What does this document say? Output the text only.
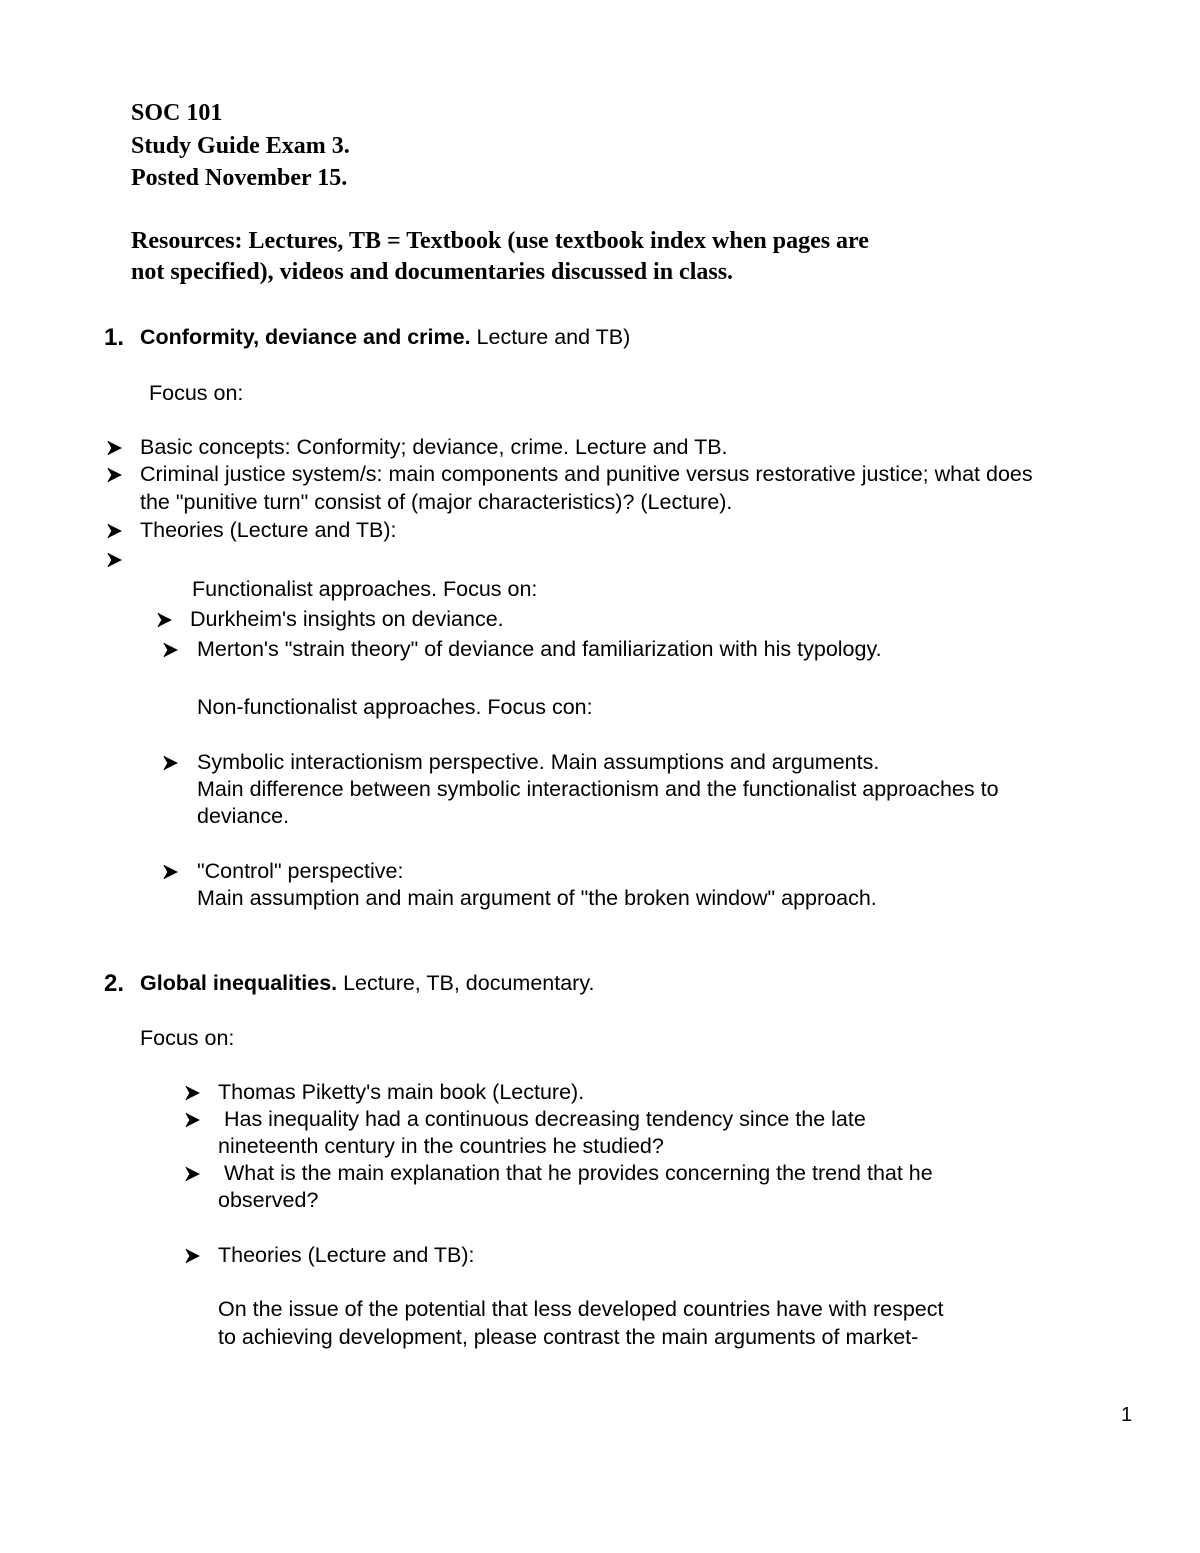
SOC 101
Study Guide Exam 3.
Posted November 15.
Resources: Lectures, TB = Textbook (use textbook index when pages are
not specified), videos and documentaries discussed in class.
1. Conformity, deviance and crime. Lecture and TB)
Focus on:
Basic concepts: Conformity; deviance, crime. Lecture and TB.
Criminal justice system/s: main components and punitive versus restorative justice; what does
the "punitive turn" consist of (major characteristics)? (Lecture).
Theories (Lecture and TB):
Functionalist approaches. Focus on:
Durkheim's insights on deviance.
Merton's "strain theory" of deviance and familiarization with his typology.
Non-functionalist approaches. Focus con:
Symbolic interactionism perspective. Main assumptions and arguments.
Main difference between symbolic interactionism and the functionalist approaches to
deviance.
"Control" perspective:
Main assumption and main argument of "the broken window" approach.
2. Global inequalities. Lecture, TB, documentary.
Focus on:
Thomas Piketty's main book (Lecture).
Has inequality had a continuous decreasing tendency since the late
nineteenth century in the countries he studied?
What is the main explanation that he provides concerning the trend that he
observed?
Theories (Lecture and TB):
On the issue of the potential that less developed countries have with respect
to achieving development, please contrast the main arguments of market-
1
